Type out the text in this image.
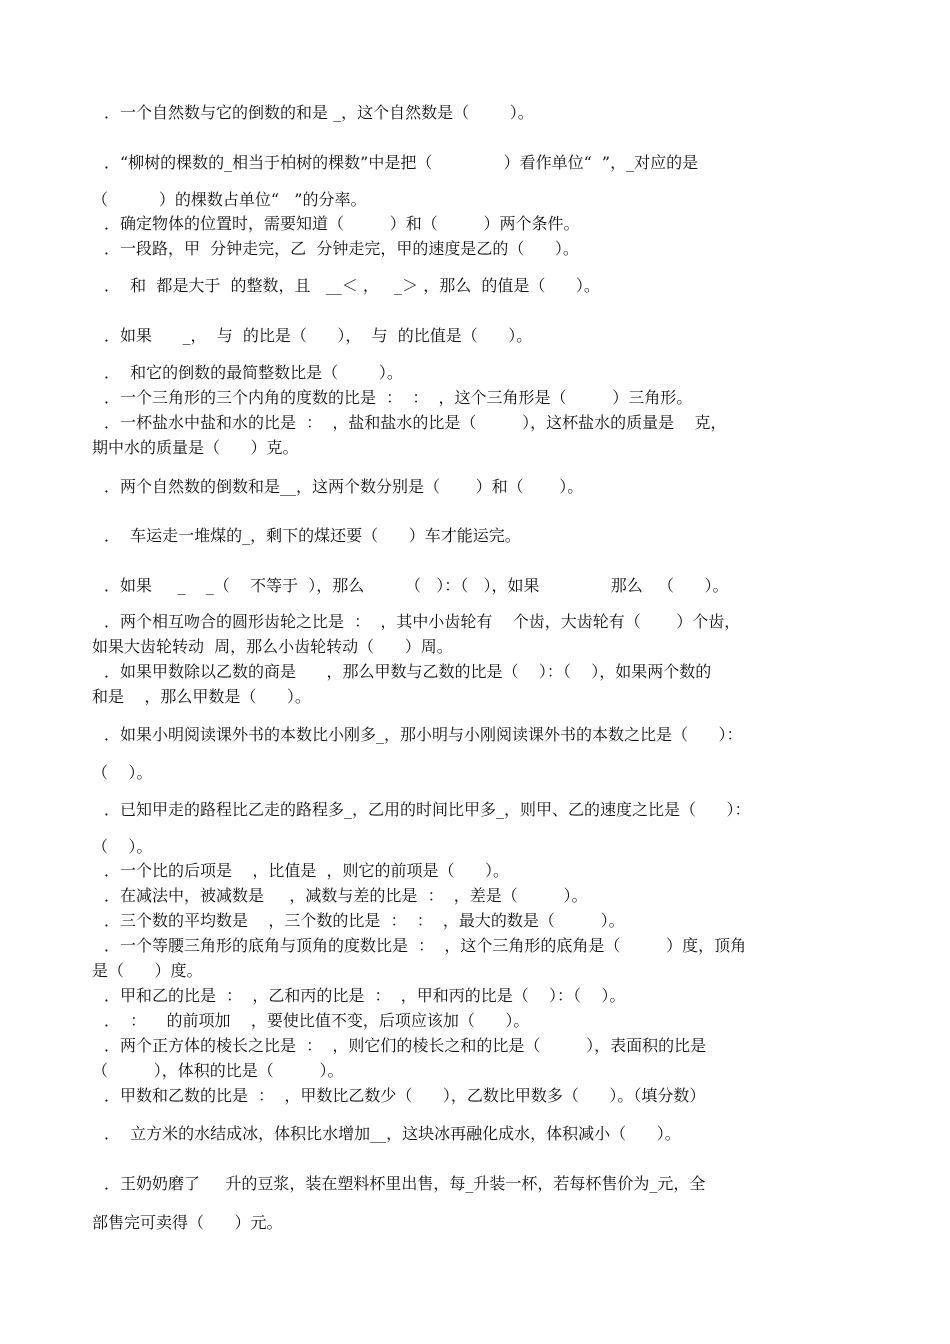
．一个自然数与它的倒数的和是 _，这个自然数是（        ）。
．“柳树的棵数的_相当于柏树的棵数”中是把（              ）看作单位“  ”，_对应的是
（          ）的棵数占单位“   ”的分率。
．确定物体的位置时，需要知道（         ）和（         ）两个条件。
．一段路，甲  分钟走完，乙  分钟走完，甲的速度是乙的（      ）。
．  和  都是大于  的整数，且   __＜ ，   _＞ ，那么  的值是（      ）。
．如果      _，  与  的比是（      ），  与  的比值是（      ）。
．  和它的倒数的最简整数比是（        ）。
．一个三角形的三个内角的度数的比是  ：  ：  ，这个三角形是（         ）三角形。
．一杯盐水中盐和水的比是  ：  ，盐和盐水的比是（         ），这杯盐水的质量是    克，
期中水的质量是（      ）克。
．两个自然数的倒数和是__，这两个数分别是（       ）和（       ）。
．  车运走一堆煤的_，剩下的煤还要（      ）车才能运完。
．如果     _    _（    不等于  ），那么        （   ）：（   ），如果              那么   （      ）。
．两个相互吻合的圆形齿轮之比是  ：  ，其中小齿轮有    个齿，大齿轮有（       ）个齿，
如果大齿轮转动  周，那么小齿轮转动（      ）周。
．如果甲数除以乙数的商是      ，那么甲数与乙数的比是（    ）：（    ），如果两个数的
和是    ，那么甲数是（      ）。
．如果小明阅读课外书的本数比小刚多_，那小明与小刚阅读课外书的本数之比是（      ）：
（    ）。
．已知甲走的路程比乙走的路程多_，乙用的时间比甲多_，则甲、乙的速度之比是（      ）：
（    ）。
．一个比的后项是    ，比值是  ，则它的前项是（      ）。
．在减法中，被减数是     ，减数与差的比是  ：  ，差是（         ）。
．三个数的平均数是    ，三个数的比是  ：  ：  ，最大的数是（         ）。
．一个等腰三角形的底角与顶角的度数比是  ：  ，这个三角形的底角是（         ）度，顶角
是（      ）度。
．甲和乙的比是  ：  ，乙和丙的比是  ：  ，甲和丙的比是（    ）：（    ）。
．  ：    的前项加    ，要使比值不变，后项应该加（      ）。
．两个正方体的棱长之比是  ：  ，则它们的棱长之和的比是（         ），表面积的比是
（         ），体积的比是（         ）。
．甲数和乙数的比是  ：  ，甲数比乙数少（      ），乙数比甲数多（      ）。（填分数）
．  立方米的水结成冰，体积比水增加__，这块冰再融化成水，体积减小（      ）。
．王奶奶磨了     升的豆浆，装在塑料杯里出售，每_升装一杯，若每杯售价为_元，全
部售完可卖得（      ）元。
